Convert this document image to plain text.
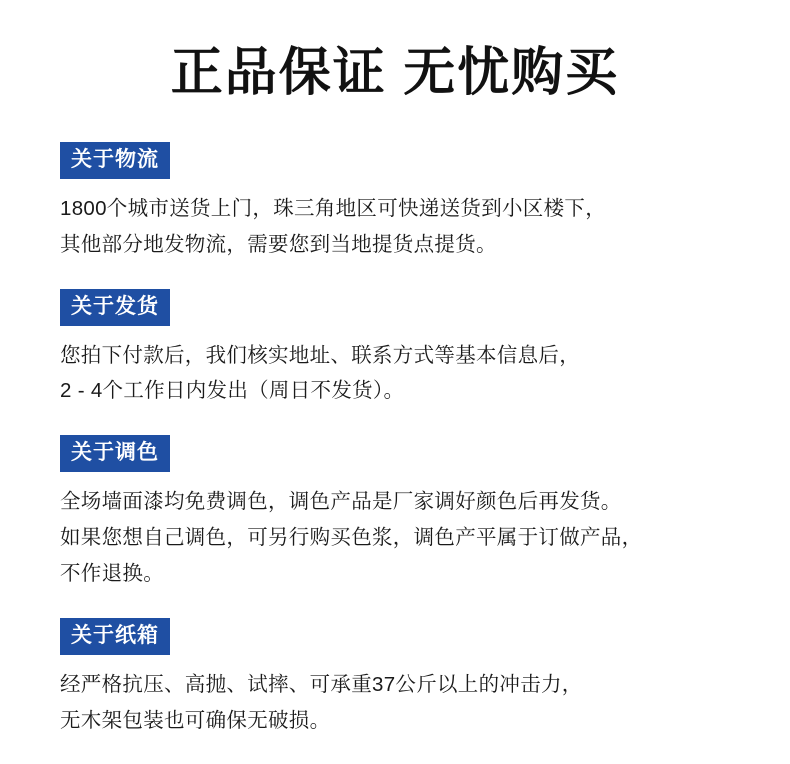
正品保证 无忧购买
关于物流
1800个城市送货上门，珠三角地区可快递送货到小区楼下，
其他部分地发物流，需要您到当地提货点提货。
关于发货
您拍下付款后，我们核实地址、联系方式等基本信息后，
2 - 4个工作日内发出（周日不发货）。
关于调色
全场墙面漆均免费调色，调色产品是厂家调好颜色后再发货。
如果您想自己调色，可另行购买色浆，调色产平属于订做产品，
不作退换。
关于纸箱
经严格抗压、高抛、试摔、可承重37公斤以上的冲击力，
无木架包装也可确保无破损。
